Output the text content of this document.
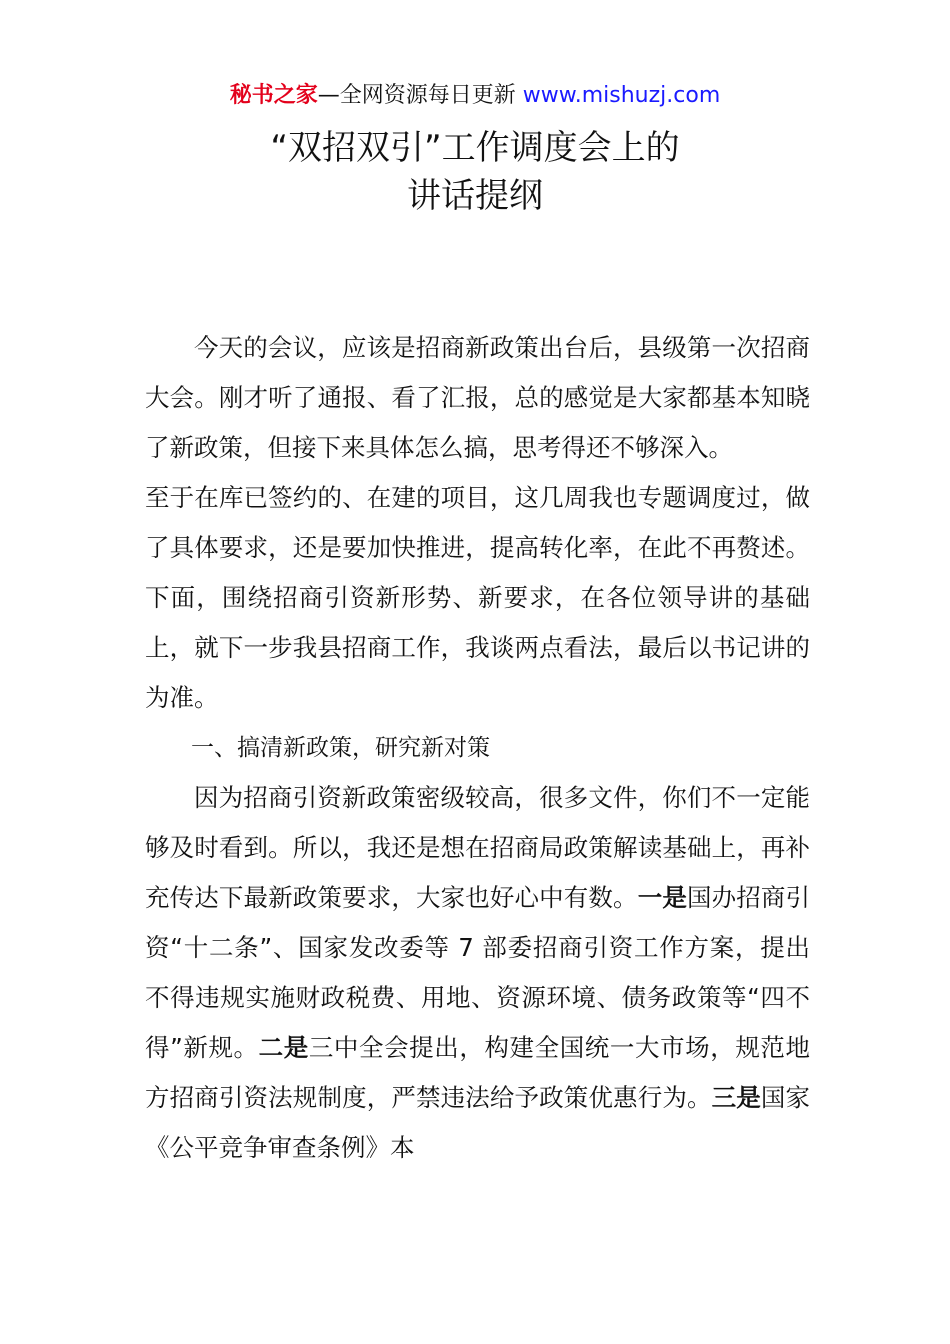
秘书之家—全网资源每日更新 www.mishuzj.com
“双招双引”工作调度会上的
讲话提纲

今天的会议，应该是招商新政策出台后，县级第一次招商大会。刚才听了通报、看了汇报，总的感觉是大家都基本知晓了新政策，但接下来具体怎么搞，思考得还不够深入。

至于在库已签约的、在建的项目，这几周我也专题调度过，做了具体要求，还是要加快推进，提高转化率，在此不再赘述。下面，围绕招商引资新形势、新要求，在各位领导讲的基础上，就下一步我县招商工作，我谈两点看法，最后以书记讲的为准。

一、搞清新政策，研究新对策

因为招商引资新政策密级较高，很多文件，你们不一定能够及时看到。所以，我还是想在招商局政策解读基础上，再补充传达下最新政策要求，大家也好心中有数。一是国办招商引资“十二条”、国家发改委等 7 部委招商引资工作方案，提出不得违规实施财政税费、用地、资源环境、债务政策等“四不得”新规。二是三中全会提出，构建全国统一大市场，规范地方招商引资法规制度，严禁违法给予政策优惠行为。三是国家《公平竞争审查条例》本
